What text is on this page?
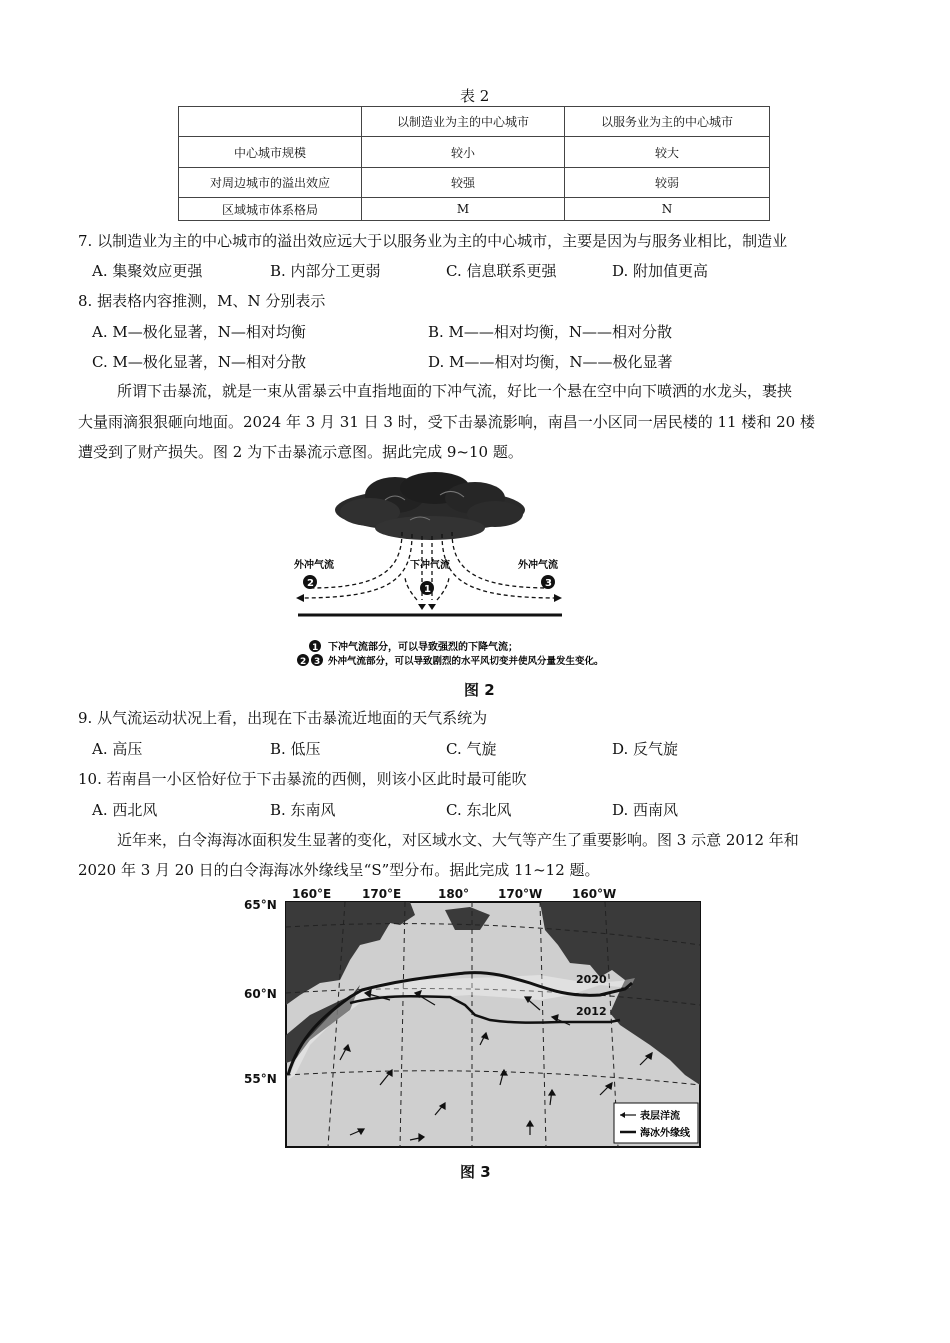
表 2
	以制造业为主的中心城市	以服务业为主的中心城市
中心城市规模	较小	较大
对周边城市的溢出效应	较强	较弱
区域城市体系格局	M	N
7. 以制造业为主的中心城市的溢出效应远大于以服务业为主的中心城市，主要是因为与服务业相比，制造业
A. 集聚效应更强	B. 内部分工更弱	C. 信息联系更强	D. 附加值更高
8. 据表格内容推测，M、N 分别表示
A. M—极化显著，N—相对均衡	B. M——相对均衡，N——相对分散
C. M—极化显著，N—相对分散	D. M——相对均衡，N——极化显著
所谓下击暴流，就是一束从雷暴云中直指地面的下冲气流，好比一个悬在空中向下喷洒的水龙头，裹挟
大量雨滴狠狠砸向地面。2024 年 3 月 31 日 3 时，受下击暴流影响，南昌一小区同一居民楼的 11 楼和 20 楼
遭受到了财产损失。图 2 为下击暴流示意图。据此完成 9~10 题。
外冲气流	下冲气流	外冲气流
2
1
3
1
2 3
下冲气流部分，可以导致强烈的下降气流；
外冲气流部分，可以导致剧烈的水平风切变并使风分量发生变化。
图 2
9. 从气流运动状况上看，出现在下击暴流近地面的天气系统为
A. 高压	B. 低压	C. 气旋	D. 反气旋
10. 若南昌一小区恰好位于下击暴流的西侧，则该小区此时最可能吹
A. 西北风	B. 东南风	C. 东北风	D. 西南风
近年来，白令海海冰面积发生显著的变化，对区域水文、大气等产生了重要影响。图 3 示意 2012 年和
2020 年 3 月 20 日的白令海海冰外缘线呈“S”型分布。据此完成 11~12 题。
表层洋流
海冰外缘线
2020
2012
160°E	170°E	180° 170°W 160°W
65°N
60°N
55°N
图 3
